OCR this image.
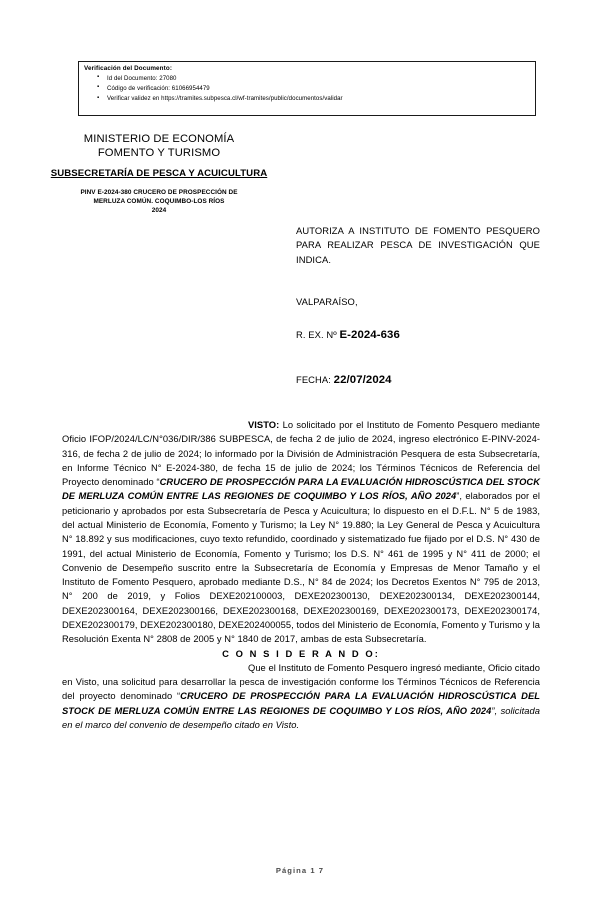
Verificación del Documento:
▪ Id del Documento: 27080
▪ Código de verificación: 61066954479
▪ Verificar validez en https://tramites.subpesca.cl/wf-tramites/public/documentos/validar
MINISTERIO DE ECONOMÍA
FOMENTO Y TURISMO
SUBSECRETARÍA DE PESCA Y ACUICULTURA
PINV E-2024-380 CRUCERO DE PROSPECCIÓN DE
MERLUZA COMÚN. COQUIMBO-LOS RÍOS
2024
AUTORIZA A INSTITUTO DE FOMENTO PESQUERO PARA REALIZAR PESCA DE INVESTIGACIÓN QUE INDICA.
VALPARAÍSO,
R. EX. Nº E-2024-636
FECHA: 22/07/2024

VISTO: Lo solicitado por el Instituto de Fomento Pesquero mediante Oficio IFOP/2024/LC/N°036/DIR/386 SUBPESCA, de fecha 2 de julio de 2024, ingreso electrónico E-PINV-2024-316, de fecha 2 de julio de 2024; lo informado por la División de Administración Pesquera de esta Subsecretaría, en Informe Técnico N° E-2024-380, de fecha 15 de julio de 2024; los Términos Técnicos de Referencia del Proyecto denominado “CRUCERO DE PROSPECCIÓN PARA LA EVALUACIÓN HIDROSCÚSTICA DEL STOCK DE MERLUZA COMÚN ENTRE LAS REGIONES DE COQUIMBO Y LOS RÍOS, AÑO 2024”, elaborados por el peticionario y aprobados por esta Subsecretaría de Pesca y Acuicultura; lo dispuesto en el D.F.L. N° 5 de 1983, del actual Ministerio de Economía, Fomento y Turismo; la Ley N° 19.880; la Ley General de Pesca y Acuicultura N° 18.892 y sus modificaciones, cuyo texto refundido, coordinado y sistematizado fue fijado por el D.S. N° 430 de 1991, del actual Ministerio de Economía, Fomento y Turismo; los D.S. N° 461 de 1995 y N° 411 de 2000; el Convenio de Desempeño suscrito entre la Subsecretaría de Economía y Empresas de Menor Tamaño y el Instituto de Fomento Pesquero, aprobado mediante D.S., N° 84 de 2024; los Decretos Exentos N° 795 de 2013, N° 200 de 2019, y Folios DEXE202100003, DEXE202300130, DEXE202300134, DEXE202300144, DEXE202300164, DEXE202300166, DEXE202300168, DEXE202300169, DEXE202300173, DEXE202300174, DEXE202300179, DEXE202300180, DEXE202400055, todos del Ministerio de Economía, Fomento y Turismo y la Resolución Exenta N° 2808 de 2005 y N° 1840 de 2017, ambas de esta Subsecretaría.

C O N S I D E R A N D O:

Que el Instituto de Fomento Pesquero ingresó mediante, Oficio citado en Visto, una solicitud para desarrollar la pesca de investigación conforme los Términos Técnicos de Referencia del proyecto denominado “CRUCERO DE PROSPECCIÓN PARA LA EVALUACIÓN HIDROSCÚSTICA DEL STOCK DE MERLUZA COMÚN ENTRE LAS REGIONES DE COQUIMBO Y LOS RÍOS, AÑO 2024”, solicitada en el marco del convenio de desempeño citado en Visto.

Página 1 7
